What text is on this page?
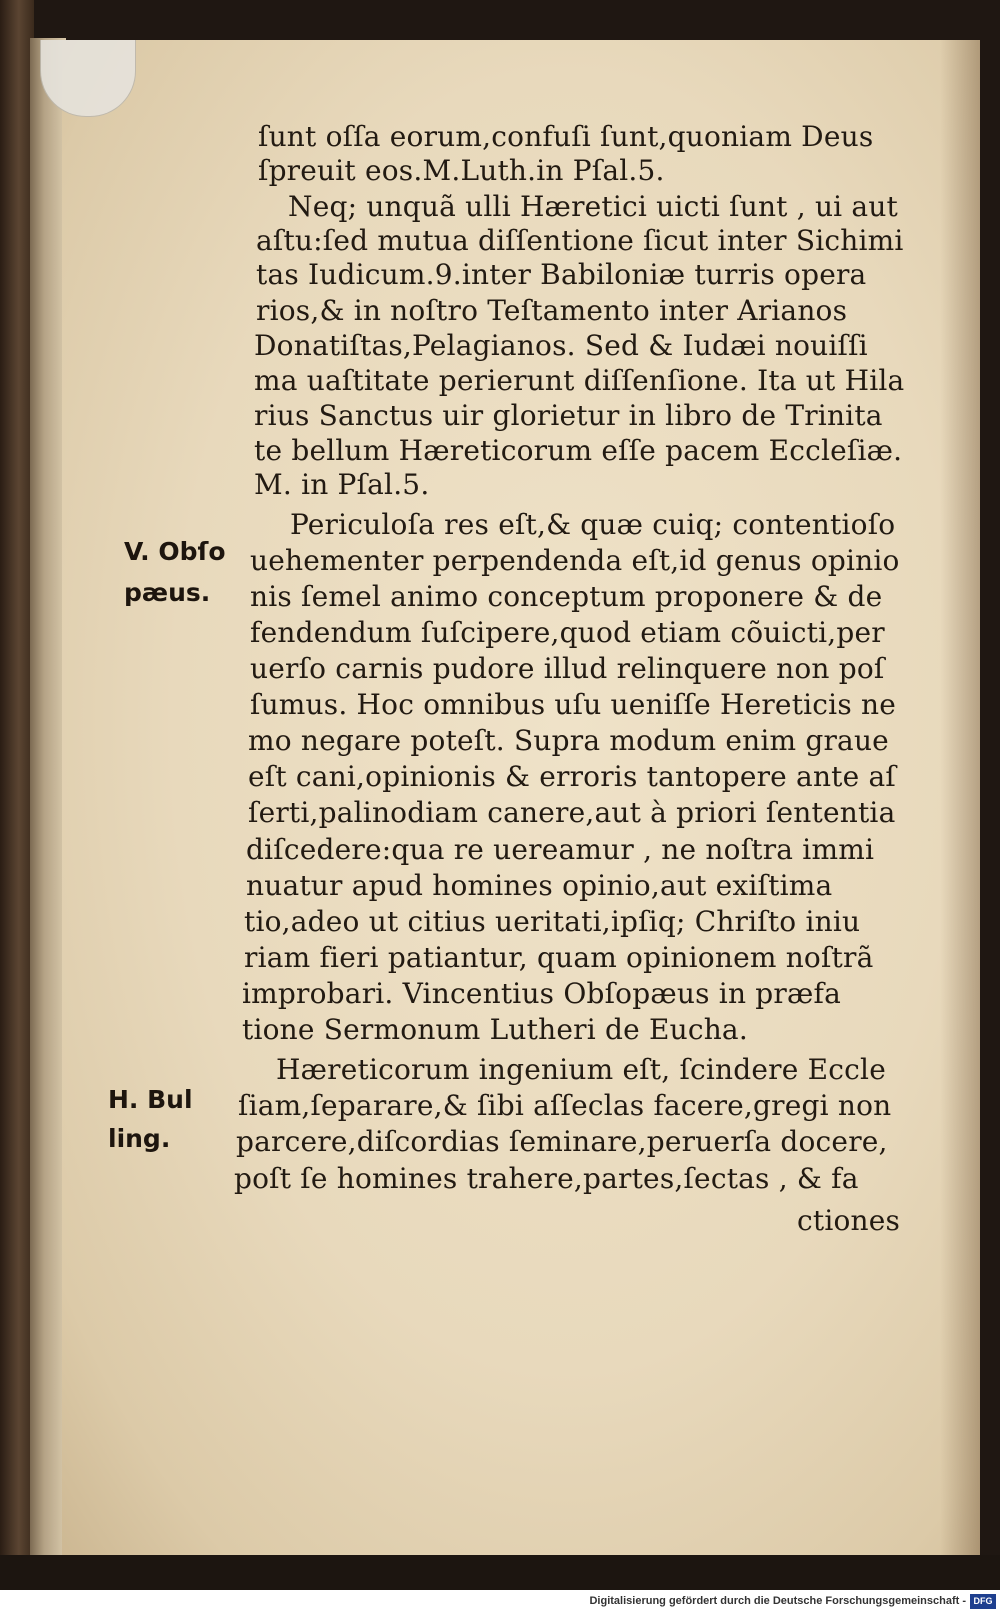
ſunt oſſa eorum,confuſi ſunt,quoniam Deus
ſpreuit eos.M.Luth.in Pſal.5.
Neq; unquã ulli Hæretici uicti ſunt , ui aut
aſtu:ſed mutua diſſentione ſicut inter Sichimi
tas Iudicum.9.inter Babiloniæ turris opera
rios,& in noſtro Teſtamento inter Arianos
Donatiſtas,Pelagianos. Sed & Iudæi nouiſſi
ma uaſtitate perierunt diſſenſione. Ita ut Hila
rius Sanctus uir glorietur in libro de Trinita
te bellum Hæreticorum eſſe pacem Eccleſiæ.
M. in Pſal.5.
Periculoſa res eſt,& quæ cuiq; contentioſo
uehementer perpendenda eſt,id genus opinio
nis ſemel animo conceptum proponere & de
fendendum ſuſcipere,quod etiam cõuicti,per
uerſo carnis pudore illud relinquere non poſ
ſumus. Hoc omnibus uſu ueniſſe Hereticis ne
mo negare poteſt. Supra modum enim graue
eſt cani,opinionis & erroris tantopere ante aſ
ſerti,palinodiam canere,aut à priori ſententia
diſcedere:qua re uereamur , ne noſtra immi
nuatur apud homines opinio,aut exiſtima
tio,adeo ut citius ueritati,ipſiq; Chriſto iniu
riam fieri patiantur, quam opinionem noſtrã
improbari. Vincentius Obſopæus in præfa
tione Sermonum Lutheri de Eucha.
Hæreticorum ingenium eſt, ſcindere Eccle
ſiam,ſeparare,& ſibi aſſeclas facere,gregi non
parcere,diſcordias ſeminare,peruerſa docere,
poſt ſe homines trahere,partes,ſectas , & fa
ctiones
V. Obſo
pæus.
H. Bul
ling.
Digitalisierung gefördert durch die Deutsche Forschungsgemeinschaft - DFG
